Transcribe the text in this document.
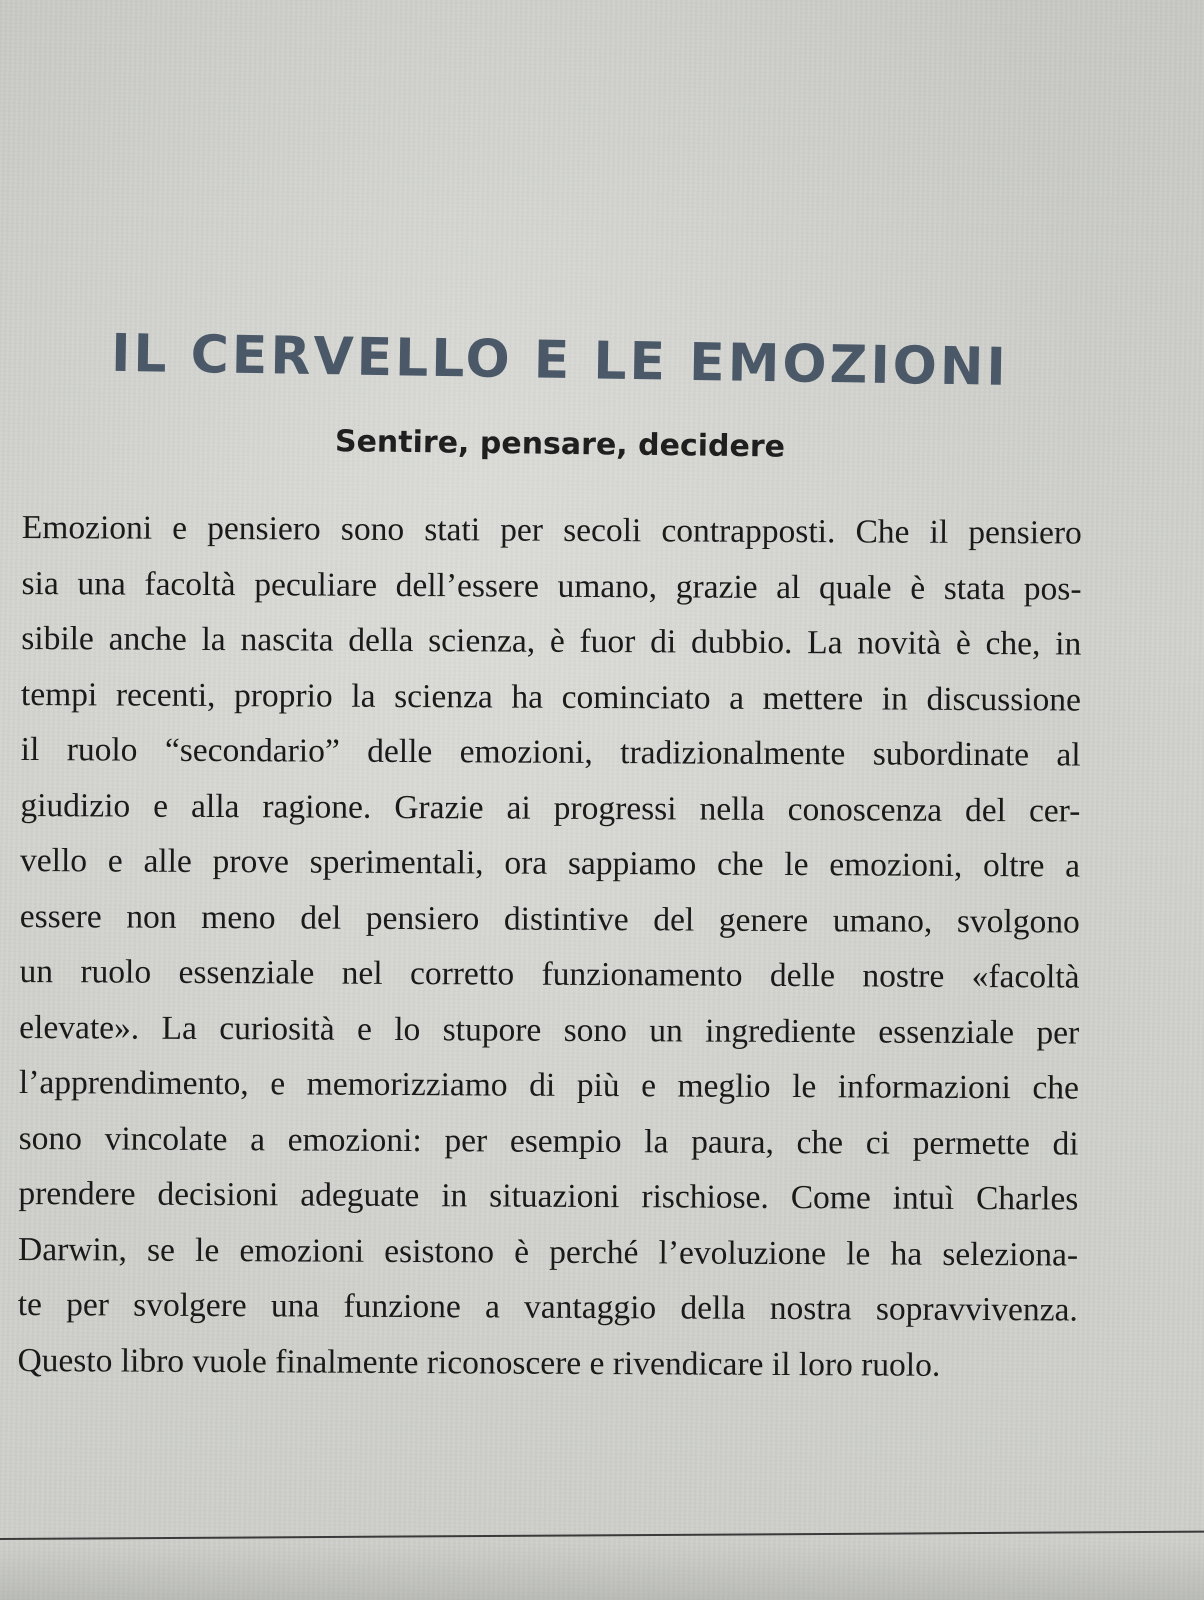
IL CERVELLO E LE EMOZIONI
Sentire, pensare, decidere
Emozioni e pensiero sono stati per secoli contrapposti. Che il pensiero
sia una facoltà peculiare dell’essere umano, grazie al quale è stata pos-
sibile anche la nascita della scienza, è fuor di dubbio. La novità è che, in
tempi recenti, proprio la scienza ha cominciato a mettere in discussione
il ruolo “secondario” delle emozioni, tradizionalmente subordinate al
giudizio e alla ragione. Grazie ai progressi nella conoscenza del cer-
vello e alle prove sperimentali, ora sappiamo che le emozioni, oltre a
essere non meno del pensiero distintive del genere umano, svolgono
un ruolo essenziale nel corretto funzionamento delle nostre «facoltà
elevate». La curiosità e lo stupore sono un ingrediente essenziale per
l’apprendimento, e memorizziamo di più e meglio le informazioni che
sono vincolate a emozioni: per esempio la paura, che ci permette di
prendere decisioni adeguate in situazioni rischiose. Come intuì Charles
Darwin, se le emozioni esistono è perché l’evoluzione le ha seleziona-
te per svolgere una funzione a vantaggio della nostra sopravvivenza.
Questo libro vuole finalmente riconoscere e rivendicare il loro ruolo.
